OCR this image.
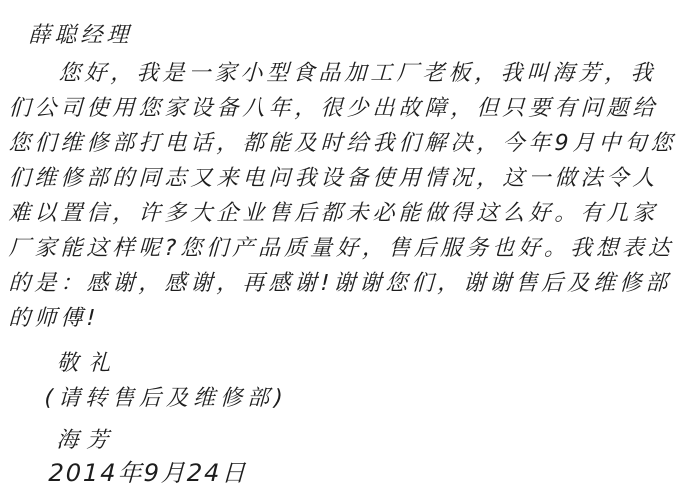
薛聪经理
您好，我是一家小型食品加工厂老板，我叫海芳，我
们公司使用您家设备八年，很少出故障，但只要有问题给
您们维修部打电话，都能及时给我们解决，今年9月中旬您
们维修部的同志又来电问我设备使用情况，这一做法令人
难以置信，许多大企业售后都未必能做得这么好。有几家
厂家能这样呢?您们产品质量好，售后服务也好。我想表达
的是：感谢，感谢，再感谢!谢谢您们，谢谢售后及维修部
的师傅!
敬礼
(请转售后及维修部)
海芳
2014年9月24日
